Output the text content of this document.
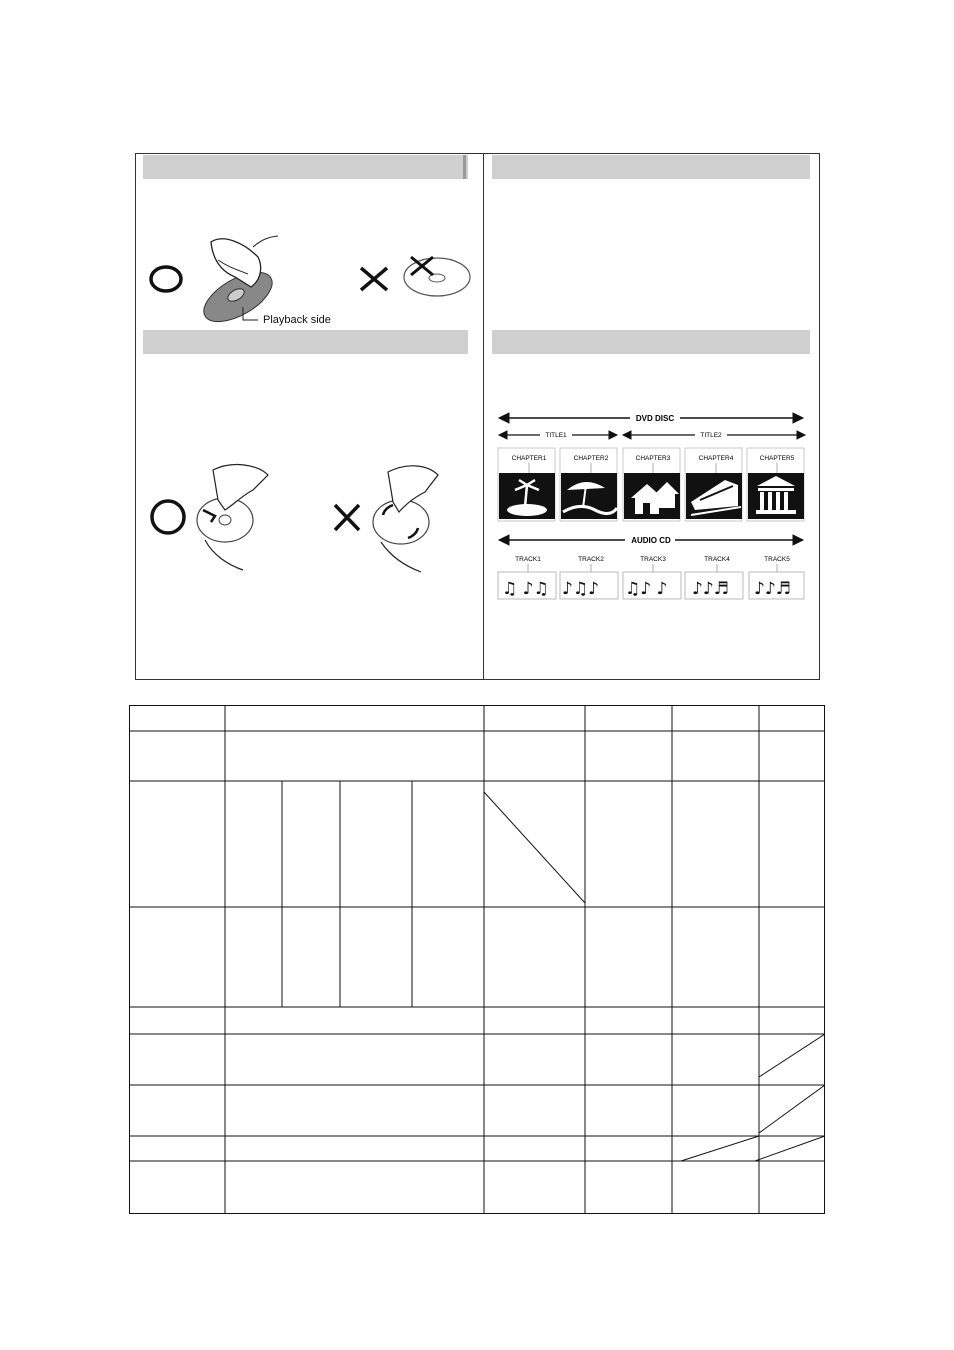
Playback side
DVD DISC
TITLE1	TITLE2
CHAPTER1	CHAPTER2	CHAPTER3	CHAPTER4	CHAPTER5
AUDIO CD
TRACK1	TRACK2	TRACK3	TRACK4	TRACK5
♫ ♪♫ ♪♫♪ ♫♪ ♪ ♪♪♬ ♪♪♬
